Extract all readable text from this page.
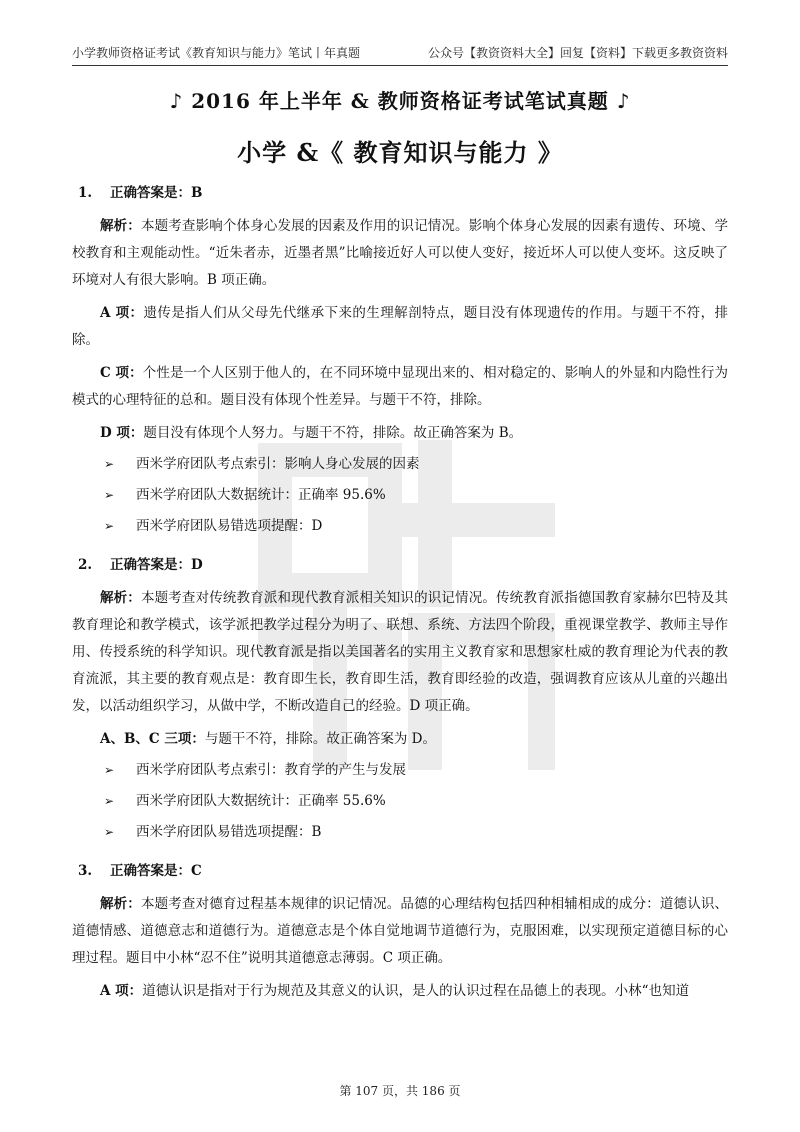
小学教师资格证考试《教育知识与能力》笔试丨年真题	公众号【教资资料大全】回复【资料】下载更多教资资料
♪ 2016 年上半年 & 教师资格证考试笔试真题 ♪
小学 &《 教育知识与能力 》

1. 正确答案是：B

解析：本题考查影响个体身心发展的因素及作用的识记情况。影响个体身心发展的因素有遗传、环境、学校教育和主观能动性。“近朱者赤，近墨者黑”比喻接近好人可以使人变好，接近坏人可以使人变坏。这反映了环境对人有很大影响。B 项正确。

A 项：遗传是指人们从父母先代继承下来的生理解剖特点，题目没有体现遗传的作用。与题干不符，排除。

C 项：个性是一个人区别于他人的，在不同环境中显现出来的、相对稳定的、影响人的外显和内隐性行为模式的心理特征的总和。题目没有体现个性差异。与题干不符，排除。

D 项：题目没有体现个人努力。与题干不符，排除。故正确答案为 B。

➢	西米学府团队考点索引：影响人身心发展的因素
➢	西米学府团队大数据统计：正确率 95.6%
➢	西米学府团队易错选项提醒：D

2. 正确答案是：D

解析：本题考查对传统教育派和现代教育派相关知识的识记情况。传统教育派指德国教育家赫尔巴特及其教育理论和教学模式，该学派把教学过程分为明了、联想、系统、方法四个阶段，重视课堂教学、教师主导作用、传授系统的科学知识。现代教育派是指以美国著名的实用主义教育家和思想家杜威的教育理论为代表的教育流派，其主要的教育观点是：教育即生长，教育即生活，教育即经验的改造，强调教育应该从儿童的兴趣出发，以活动组织学习，从做中学，不断改造自己的经验。D 项正确。

A、B、C 三项：与题干不符，排除。故正确答案为 D。

➢	西米学府团队考点索引：教育学的产生与发展
➢	西米学府团队大数据统计：正确率 55.6%
➢	西米学府团队易错选项提醒：B

3. 正确答案是：C

解析：本题考查对德育过程基本规律的识记情况。品德的心理结构包括四种相辅相成的成分：道德认识、道德情感、道德意志和道德行为。道德意志是个体自觉地调节道德行为，克服困难，以实现预定道德目标的心理过程。题目中小林“忍不住”说明其道德意志薄弱。C 项正确。

A 项：道德认识是指对于行为规范及其意义的认识，是人的认识过程在品德上的表现。小林“也知道

第 107 页，共 186 页
